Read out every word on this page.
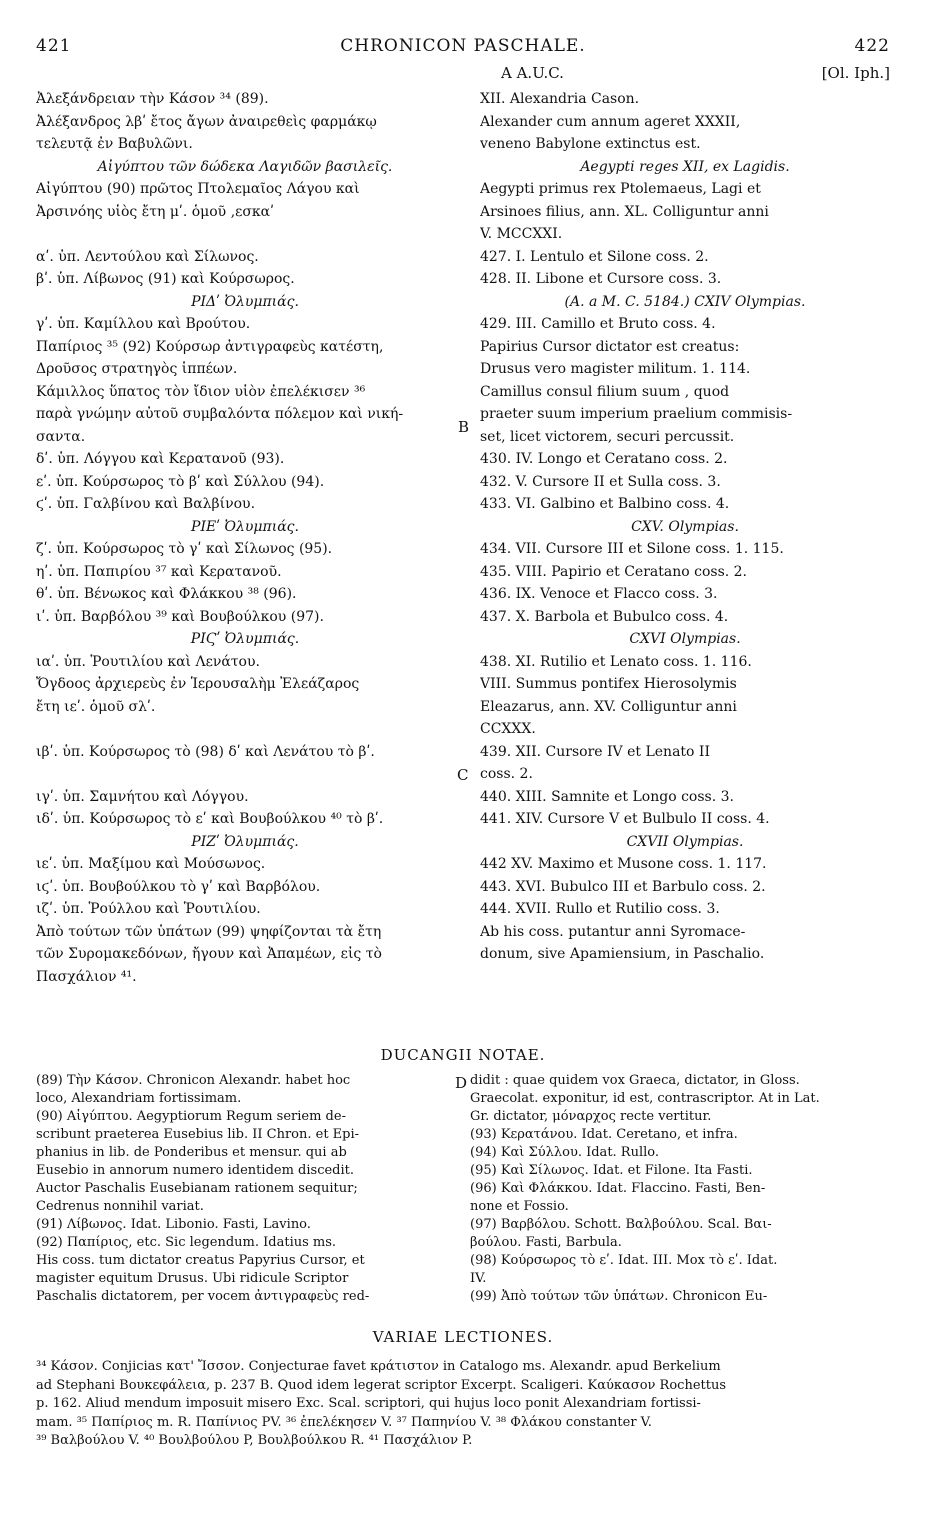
421	CHRONICON PASCHALE.	422
Α A.U.C.	[Ol. Iph.]
Ἀλεξάνδρειαν τὴν Κάσον ³⁴ (89).
Ἀλέξανδρος λβʹ ἔτος ἄγων ἀναιρεθεὶς φαρμάκῳ
τελευτᾷ ἐν Βαβυλῶνι.
Αἰγύπτου τῶν δώδεκα Λαγιδῶν βασιλεῖς.
Αἰγύπτου (90) πρῶτος Πτολεμαῖος Λάγου καὶ
Ἀρσινόης υἱὸς ἔτη μʹ. ὁμοῦ ‚εσκαʹ

αʹ. ὑπ. Λεντούλου καὶ Σίλωνος.
βʹ. ὑπ. Λίβωνος (91) καὶ Κούρσωρος.
ΡΙΔʹ Ὀλυμπιάς.
γʹ. ὑπ. Καμίλλου καὶ Βρούτου.
Παπίριος ³⁵ (92) Κούρσωρ ἀντιγραφεὺς κατέστη,
Δροῦσος στρατηγὸς ἱππέων.
Κάμιλλος ὕπατος τὸν ἴδιον υἱὸν ἐπελέκισεν ³⁶
παρὰ γνώμην αὐτοῦ συμβαλόντα πόλεμον καὶ νική-
σαντα.
δʹ. ὑπ. Λόγγου καὶ Κερατανοῦ (93).
εʹ. ὑπ. Κούρσωρος τὸ βʹ καὶ Σύλλου (94).
ϛʹ. ὑπ. Γαλβίνου καὶ Βαλβίνου.
ΡΙΕʹ Ὀλυμπιάς.
ζʹ. ὑπ. Κούρσωρος τὸ γʹ καὶ Σίλωνος (95).
ηʹ. ὑπ. Παπιρίου ³⁷ καὶ Κερατανοῦ.
θʹ. ὑπ. Βένωκος καὶ Φλάκκου ³⁸ (96).
ιʹ. ὑπ. Βαρβόλου ³⁹ καὶ Βουβούλκου (97).
ΡΙϚʹ Ὀλυμπιάς.
ιαʹ. ὑπ. Ῥουτιλίου καὶ Λενάτου.
Ὄγδοος ἀρχιερεὺς ἐν Ἱερουσαλὴμ Ἐλεάζαρος
ἔτη ιεʹ. ὁμοῦ σλʹ.

ιβʹ. ὑπ. Κούρσωρος τὸ (98) δʹ καὶ Λενάτου τὸ βʹ.

ιγʹ. ὑπ. Σαμνήτου καὶ Λόγγου.
ιδʹ. ὑπ. Κούρσωρος τὸ εʹ καὶ Βουβούλκου ⁴⁰ τὸ βʹ.
ΡΙΖʹ Ὀλυμπιάς.
ιεʹ. ὑπ. Μαξίμου καὶ Μούσωνος.
ιϛʹ. ὑπ. Βουβούλκου τὸ γʹ καὶ Βαρβόλου.
ιζʹ. ὑπ. Ῥούλλου καὶ Ῥουτιλίου.
Ἀπὸ τούτων τῶν ὑπάτων (99) ψηφίζονται τὰ ἔτη
τῶν Συρομακεδόνων, ἤγουν καὶ Ἀπαμέων, εἰς τὸ
Πασχάλιον ⁴¹.
XII. Alexandria Cason.
Alexander cum annum ageret XXXII,
veneno Babylone extinctus est.
Aegypti reges XII, ex Lagidis.
Aegypti primus rex Ptolemaeus, Lagi et
Arsinoes filius, ann. XL. Colliguntur anni
V. MCCXXI.
427. I. Lentulo et Silone coss. 2.
428. II. Libone et Cursore coss. 3.
(A. a M. C. 5184.) CXIV Olympias.
429. III. Camillo et Bruto coss. 4.
Papirius Cursor dictator est creatus:
Drusus vero magister militum. 1. 114.
Camillus consul filium suum , quod
praeter suum imperium praelium commisis-
set, licet victorem, securi percussit.
430. IV. Longo et Ceratano coss. 2.
432. V. Cursore II et Sulla coss. 3.
433. VI. Galbino et Balbino coss. 4.
CXV. Olympias.
434. VII. Cursore III et Silone coss. 1. 115.
435. VIII. Papirio et Ceratano coss. 2.
436. IX. Venoce et Flacco coss. 3.
437. X. Barbola et Bubulco coss. 4.
CXVI Olympias.
438. XI. Rutilio et Lenato coss. 1. 116.
VIII. Summus pontifex Hierosolymis
Eleazarus, ann. XV. Colliguntur anni
CCXXX.
439. XII. Cursore IV et Lenato II
coss. 2.
440. XIII. Samnite et Longo coss. 3.
441. XIV. Cursore V et Bulbulo II coss. 4.
CXVII Olympias.
442 XV. Maximo et Musone coss. 1. 117.
443. XVI. Bubulco III et Barbulo coss. 2.
444. XVII. Rullo et Rutilio coss. 3.
Ab his coss. putantur anni Syromace-
donum, sive Apamiensium, in Paschalio.
B
C
D
DUCANGII NOTAE.
(89) Τὴν Κάσον. Chronicon Alexandr. habet hoc
loco, Alexandriam fortissimam.
(90) Αἰγύπτου. Aegyptiorum Regum seriem de-
scribunt praeterea Eusebius lib. II Chron. et Epi-
phanius in lib. de Ponderibus et mensur. qui ab
Eusebio in annorum numero identidem discedit.
Auctor Paschalis Eusebianam rationem sequitur;
Cedrenus nonnihil variat.
(91) Λίβωνος. Idat. Libonio. Fasti, Lavino.
(92) Παπίριος, etc. Sic legendum. Idatius ms.
His coss. tum dictator creatus Papyrius Cursor, et
magister equitum Drusus. Ubi ridicule Scriptor
Paschalis dictatorem, per vocem ἀντιγραφεὺς red-
didit : quae quidem vox Graeca, dictator, in Gloss.
Graecolat. exponitur, id est, contrascriptor. At in Lat.
Gr. dictator, μόναρχος recte vertitur.
(93) Κερατάνου. Idat. Ceretano, et infra.
(94) Καὶ Σύλλου. Idat. Rullo.
(95) Καὶ Σίλωνος. Idat. et Filone. Ita Fasti.
(96) Καὶ Φλάκκου. Idat. Flaccino. Fasti, Ben-
none et Fossio.
(97) Βαρβόλου. Schott. Βαλβούλου. Scal. Βαι-
βούλου. Fasti, Barbula.
(98) Κούρσωρος τὸ εʹ. Idat. III. Mox τὸ εʹ. Idat.
IV.
(99) Ἀπὸ τούτων τῶν ὑπάτων. Chronicon Eu-
VARIAE LECTIONES.
³⁴ Κάσον. Conjicias κατ' Ἴσσον. Conjecturae favet κράτιστον in Catalogo ms. Alexandr. apud Berkelium
ad Stephani Βουκεφάλεια, p. 237 B. Quod idem legerat scriptor Excerpt. Scaligeri. Καύκασον Rochettus
p. 162. Aliud mendum imposuit misero Exc. Scal. scriptori, qui hujus loco ponit Alexandriam fortissi-
mam. ³⁵ Παπίριος m. R. Παπίνιος PV. ³⁶ ἐπελέκησεν V. ³⁷ Παπηνίου V. ³⁸ Φλάκου constanter V.
³⁹ Βαλβούλου V. ⁴⁰ Βουλβούλου P, Βουλβούλκου R. ⁴¹ Πασχάλιον P.
